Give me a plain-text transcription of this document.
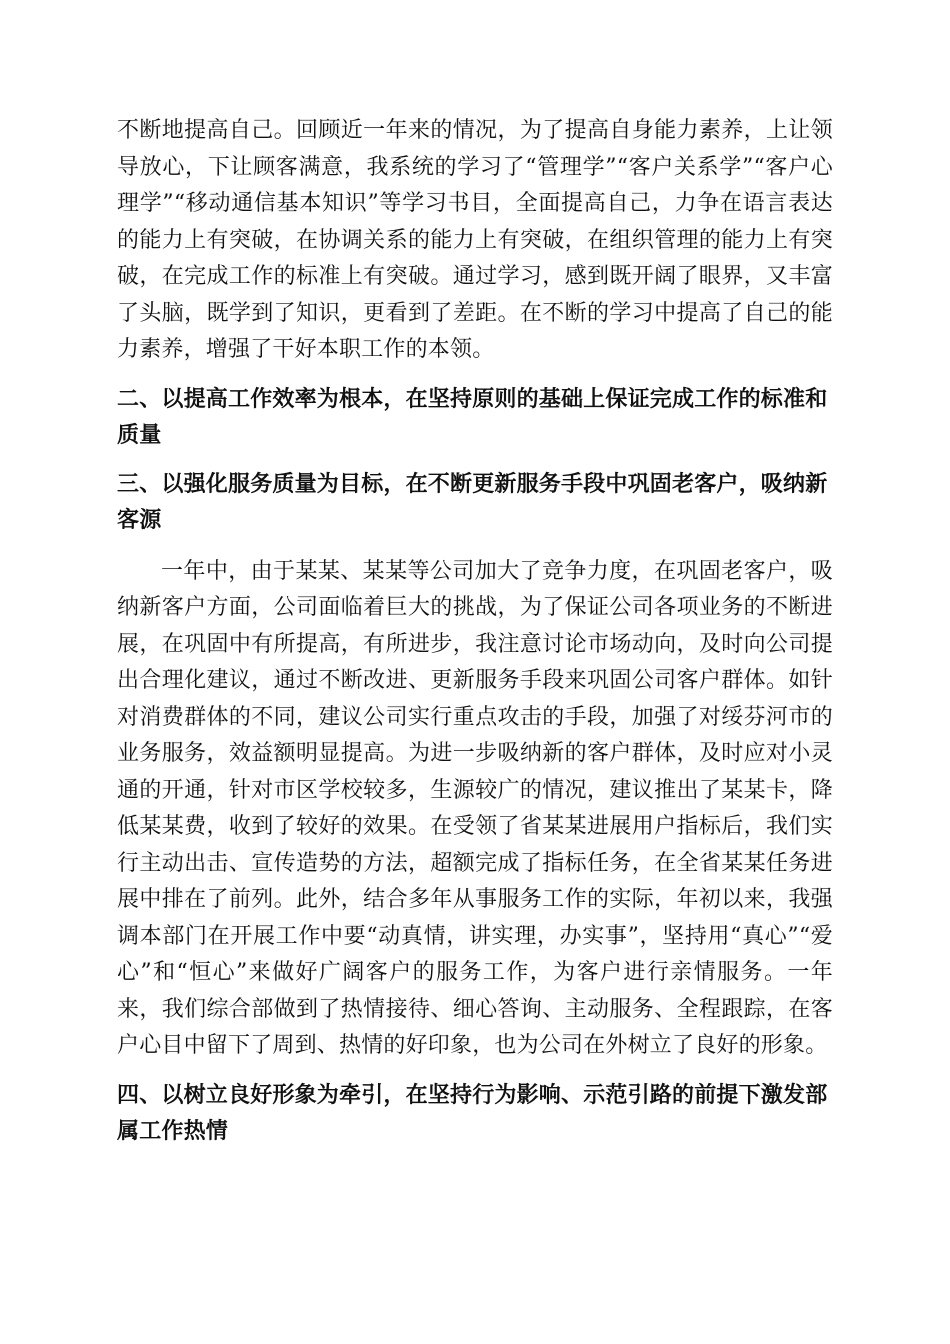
不断地提高自己。回顾近一年来的情况，为了提高自身能力素养，上让领导放心，下让顾客满意，我系统的学习了“管理学”“客户关系学”“客户心理学”“移动通信基本知识”等学习书目，全面提高自己，力争在语言表达的能力上有突破，在协调关系的能力上有突破，在组织管理的能力上有突破，在完成工作的标准上有突破。通过学习，感到既开阔了眼界，又丰富了头脑，既学到了知识，更看到了差距。在不断的学习中提高了自己的能力素养，增强了干好本职工作的本领。

二、以提高工作效率为根本，在坚持原则的基础上保证完成工作的标准和质量
三、以强化服务质量为目标，在不断更新服务手段中巩固老客户，吸纳新客源

一年中，由于某某、某某等公司加大了竞争力度，在巩固老客户，吸纳新客户方面，公司面临着巨大的挑战，为了保证公司各项业务的不断进展，在巩固中有所提高，有所进步，我注意讨论市场动向，及时向公司提出合理化建议，通过不断改进、更新服务手段来巩固公司客户群体。如针对消费群体的不同，建议公司实行重点攻击的手段，加强了对绥芬河市的业务服务，效益额明显提高。为进一步吸纳新的客户群体，及时应对小灵通的开通，针对市区学校较多，生源较广的情况，建议推出了某某卡，降低某某费，收到了较好的效果。在受领了省某某进展用户指标后，我们实行主动出击、宣传造势的方法，超额完成了指标任务，在全省某某任务进展中排在了前列。此外，结合多年从事服务工作的实际，年初以来，我强调本部门在开展工作中要“动真情，讲实理，办实事”，坚持用“真心”“爱心”和“恒心”来做好广阔客户的服务工作，为客户进行亲情服务。一年来，我们综合部做到了热情接待、细心答询、主动服务、全程跟踪，在客户心目中留下了周到、热情的好印象，也为公司在外树立了良好的形象。

四、以树立良好形象为牵引，在坚持行为影响、示范引路的前提下激发部属工作热情
